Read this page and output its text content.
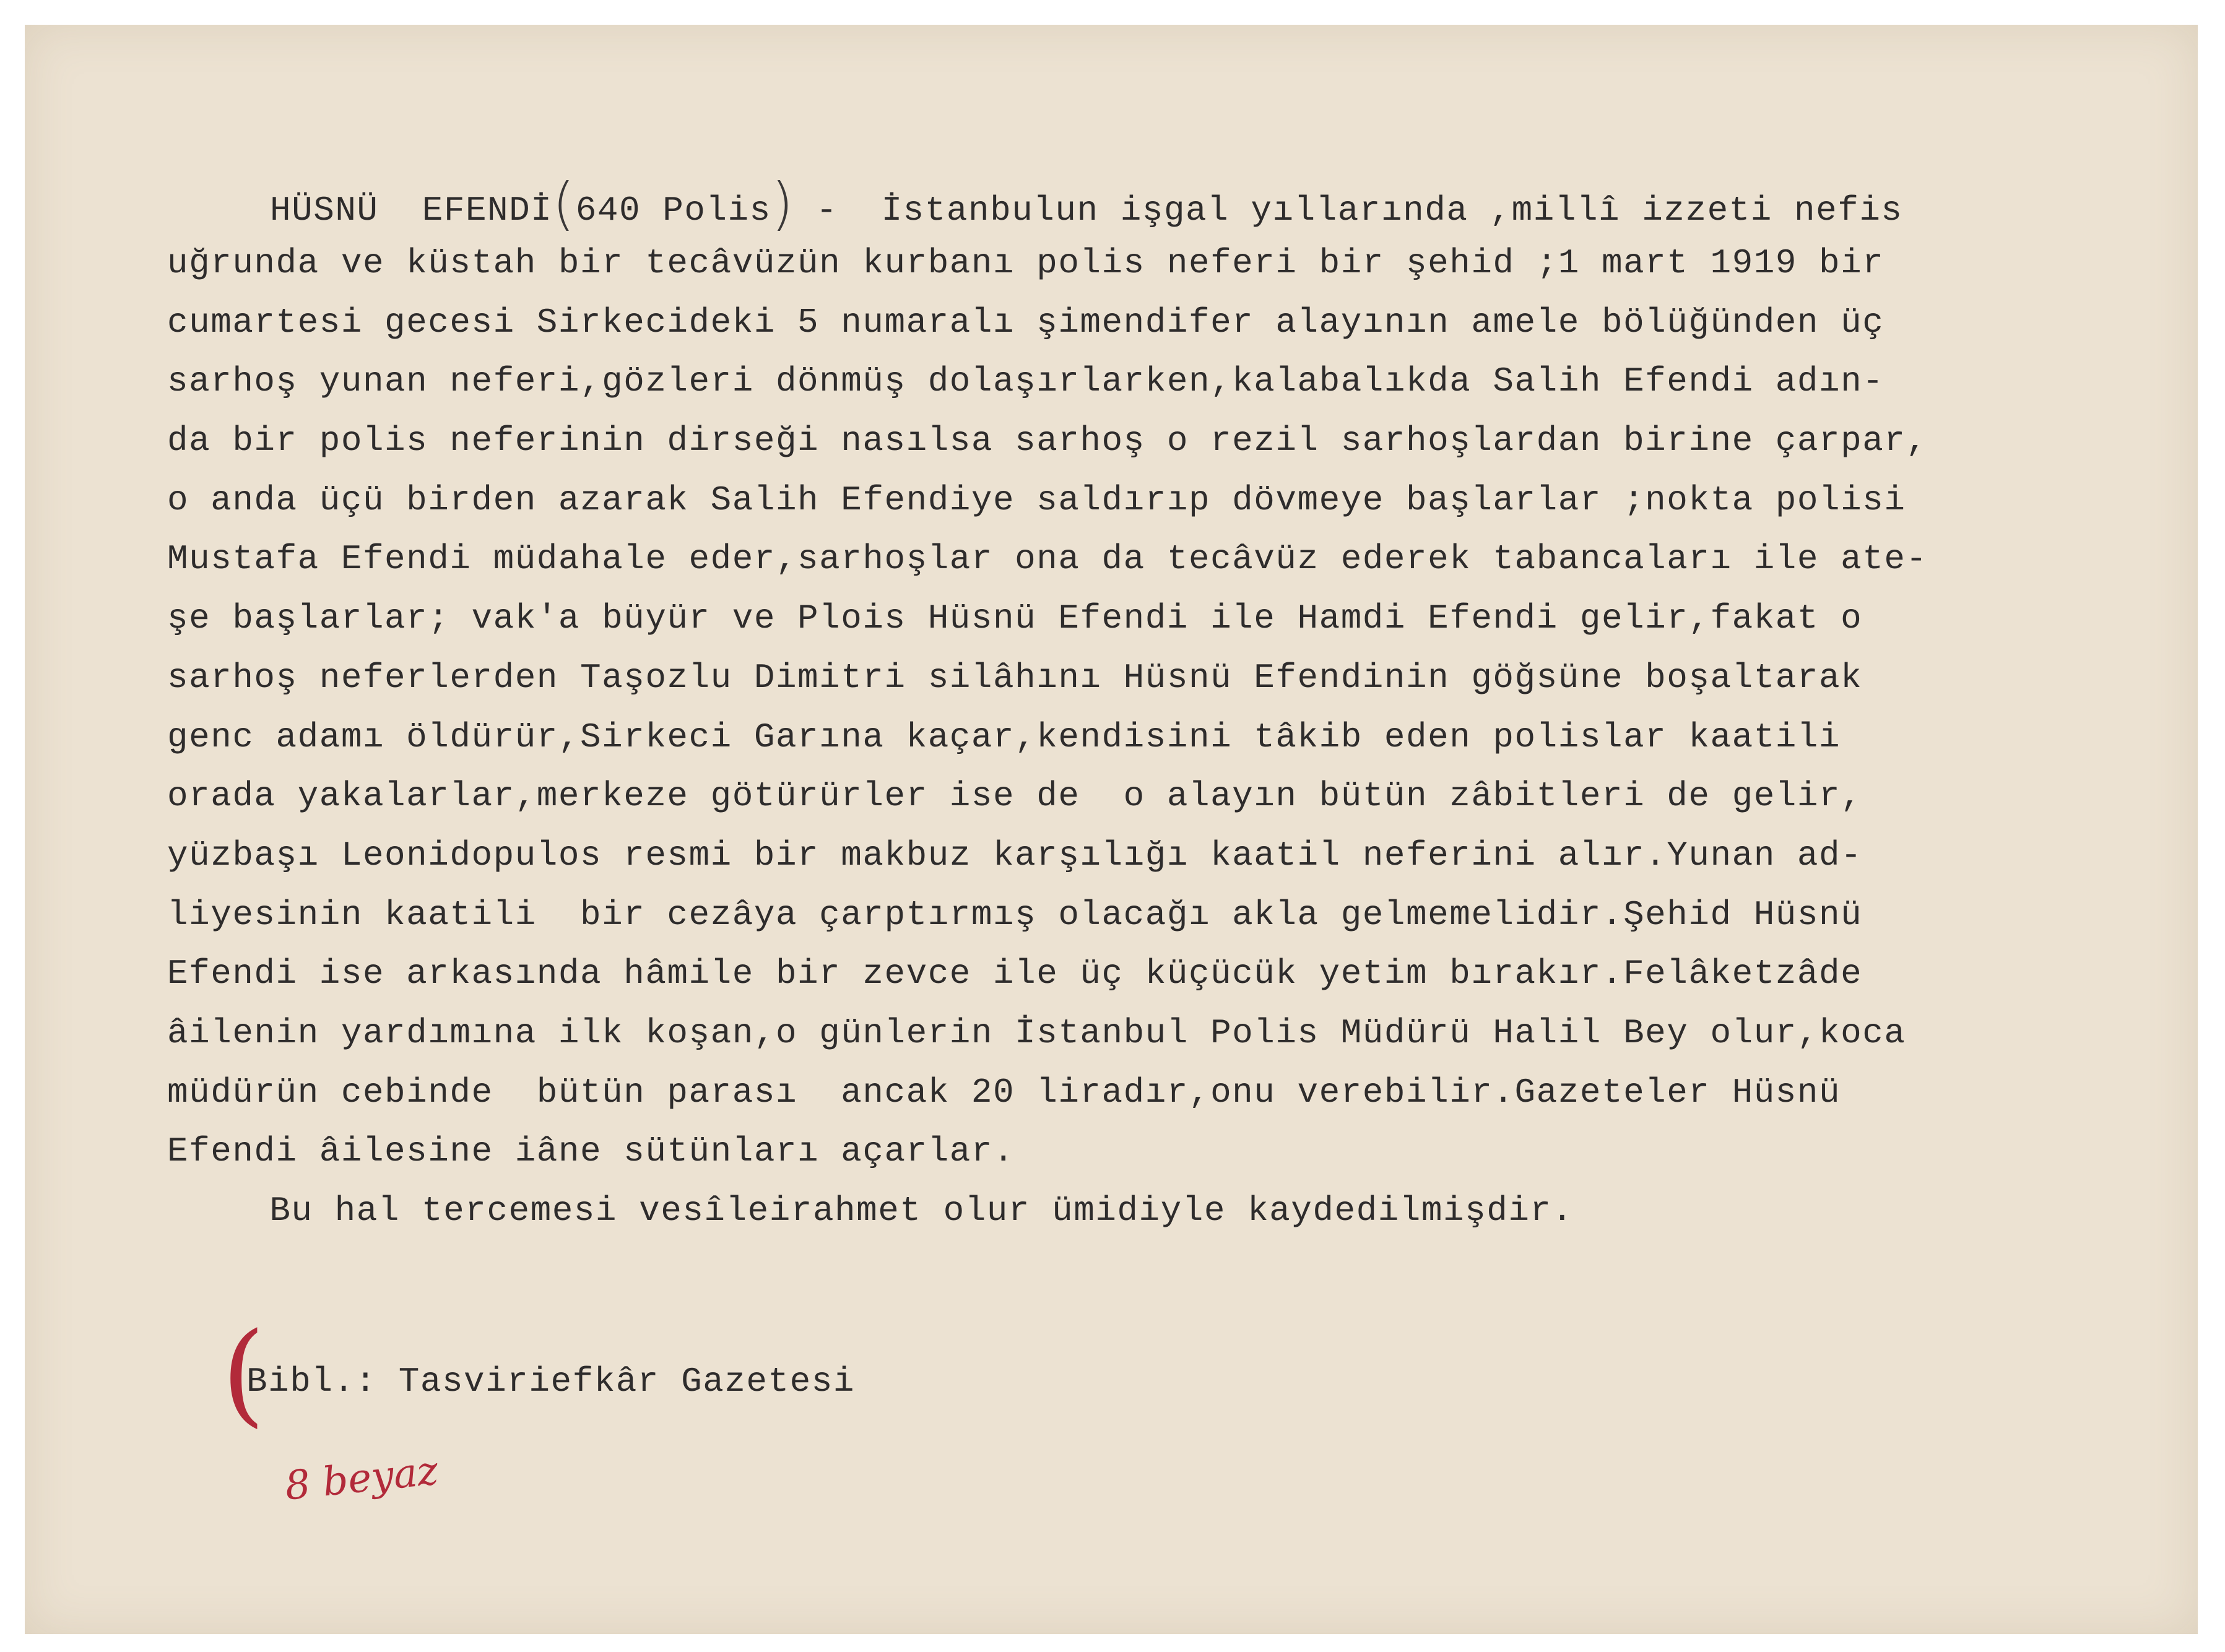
HÜSNÜ  EFENDİ(640 Polis) -  İstanbulun işgal yıllarında ,millî izzeti nefis
uğrunda ve küstah bir tecâvüzün kurbanı polis neferi bir şehid ;1 mart 1919 bir
cumartesi gecesi Sirkecideki 5 numaralı şimendifer alayının amele bölüğünden üç
sarhoş yunan neferi,gözleri dönmüş dolaşırlarken,kalabalıkda Salih Efendi adın-
da bir polis neferinin dirseği nasılsa sarhoş o rezil sarhoşlardan birine çarpar,
o anda üçü birden azarak Salih Efendiye saldırıp dövmeye başlarlar ;nokta polisi
Mustafa Efendi müdahale eder,sarhoşlar ona da tecâvüz ederek tabancaları ile ate-
şe başlarlar; vak'a büyür ve Plois Hüsnü Efendi ile Hamdi Efendi gelir,fakat o
sarhoş neferlerden Taşozlu Dimitri silâhını Hüsnü Efendinin göğsüne boşaltarak
genc adamı öldürür,Sirkeci Garına kaçar,kendisini tâkib eden polislar kaatili
orada yakalarlar,merkeze götürürler ise de  o alayın bütün zâbitleri de gelir,
yüzbaşı Leonidopulos resmi bir makbuz karşılığı kaatil neferini alır.Yunan ad-
liyesinin kaatili  bir cezâya çarptırmış olacağı akla gelmemelidir.Şehid Hüsnü
Efendi ise arkasında hâmile bir zevce ile üç küçücük yetim bırakır.Felâketzâde
âilenin yardımına ilk koşan,o günlerin İstanbul Polis Müdürü Halil Bey olur,koca
müdürün cebinde  bütün parası  ancak 20 liradır,onu verebilir.Gazeteler Hüsnü
Efendi âilesine iâne sütünları açarlar.
Bu hal tercemesi vesîleirahmet olur ümidiyle kaydedilmişdir.
Bibl.: Tasviriefkâr Gazetesi
(
8 beyaz
